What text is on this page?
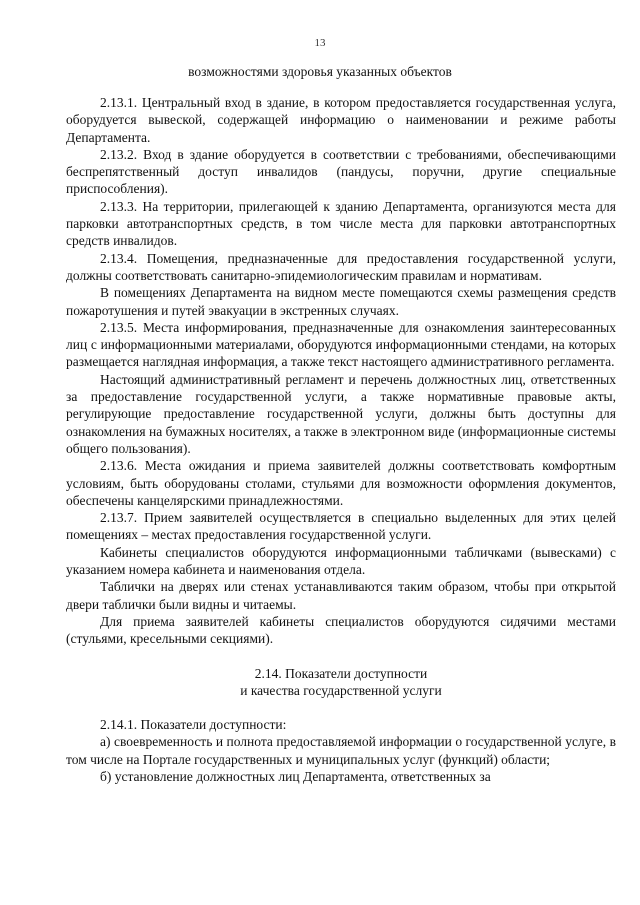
13
возможностями здоровья указанных объектов

2.13.1. Центральный вход в здание, в котором предоставляется государственная услуга, оборудуется вывеской, содержащей информацию о наименовании и режиме работы Департамента.

2.13.2. Вход в здание оборудуется в соответствии с требованиями, обеспечивающими беспрепятственный доступ инвалидов (пандусы, поручни, другие специальные приспособления).

2.13.3. На территории, прилегающей к зданию Департамента, организуются места для парковки автотранспортных средств, в том числе места для парковки автотранспортных средств инвалидов.

2.13.4. Помещения, предназначенные для предоставления государственной услуги, должны соответствовать санитарно-эпидемиологическим правилам и нормативам.

В помещениях Департамента на видном месте помещаются схемы размещения средств пожаротушения и путей эвакуации в экстренных случаях.

2.13.5. Места информирования, предназначенные для ознакомления заинтересованных лиц с информационными материалами, оборудуются информационными стендами, на которых размещается наглядная информация, а также текст настоящего административного регламента.

Настоящий административный регламент и перечень должностных лиц, ответственных за предоставление государственной услуги, а также нормативные правовые акты, регулирующие предоставление государственной услуги, должны быть доступны для ознакомления на бумажных носителях, а также в электронном виде (информационные системы общего пользования).

2.13.6. Места ожидания и приема заявителей должны соответствовать комфортным условиям, быть оборудованы столами, стульями для возможности оформления документов, обеспечены канцелярскими принадлежностями.

2.13.7. Прием заявителей осуществляется в специально выделенных для этих целей помещениях – местах предоставления государственной услуги.

Кабинеты специалистов оборудуются информационными табличками (вывесками) с указанием номера кабинета и наименования отдела.

Таблички на дверях или стенах устанавливаются таким образом, чтобы при открытой двери таблички были видны и читаемы.

Для приема заявителей кабинеты специалистов оборудуются сидячими местами (стульями, кресельными секциями).

2.14. Показатели доступности

и качества государственной услуги

2.14.1. Показатели доступности:

а) своевременность и полнота предоставляемой информации о государственной услуге, в том числе на Портале государственных и муниципальных услуг (функций) области;

б) установление должностных лиц Департамента, ответственных за
